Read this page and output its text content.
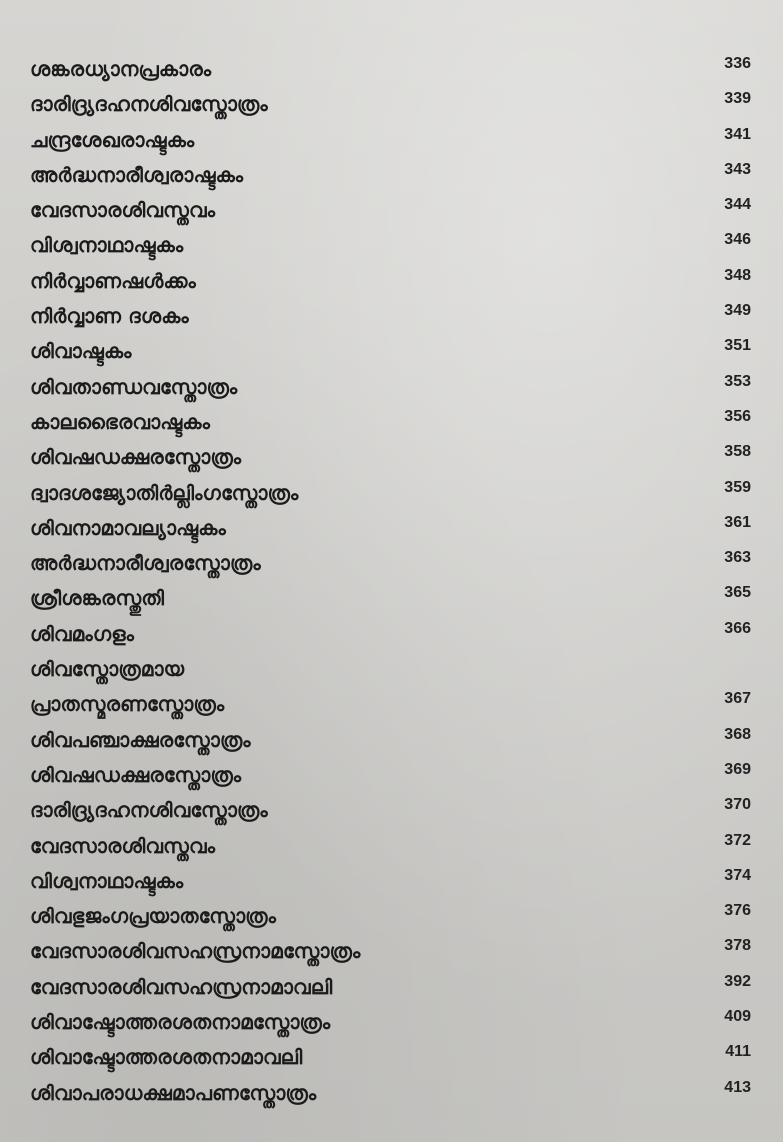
ശങ്കരധ്യാനപ്രകാരം	336
ദാരിദ്ര്യദഹനശിവസ്തോത്രം	339
ചന്ദ്രശേഖരാഷ്ടകം	341
അർദ്ധനാരീശ്വരാഷ്ടകം	343
വേദസാരശിവസ്തവം	344
വിശ്വനാഥാഷ്ടകം	346
നിർവ്വാണഷൾക്കം	348
നിർവ്വാണ ദശകം	349
ശിവാഷ്ടകം	351
ശിവതാണ്ഡവസ്തോത്രം	353
കാലഭൈരവാഷ്ടകം	356
ശിവഷഡക്ഷരസ്തോത്രം	358
ദ്വാദശജ്യോതിർല്ലിംഗസ്തോത്രം	359
ശിവനാമാവല്യാഷ്ടകം	361
അർദ്ധനാരീശ്വരസ്തോത്രം	363
ശ്രീശങ്കരസ്തുതി	365
ശിവമംഗളം	366
ശിവസ്തോത്രമായ
പ്രാതസ്മരണസ്തോത്രം	367
ശിവപഞ്ചാക്ഷരസ്തോത്രം	368
ശിവഷഡക്ഷരസ്തോത്രം	369
ദാരിദ്ര്യദഹനശിവസ്തോത്രം	370
വേദസാരശിവസ്തവം	372
വിശ്വനാഥാഷ്ടകം	374
ശിവഭുജംഗപ്രയാതസ്തോത്രം	376
വേദസാരശിവസഹസ്രനാമസ്തോത്രം	378
വേദസാരശിവസഹസ്രനാമാവലി	392
ശിവാഷ്ടോത്തരശതനാമസ്തോത്രം	409
ശിവാഷ്ടോത്തരശതനാമാവലി	411
ശിവാപരാധക്ഷമാപണസ്തോത്രം	413
